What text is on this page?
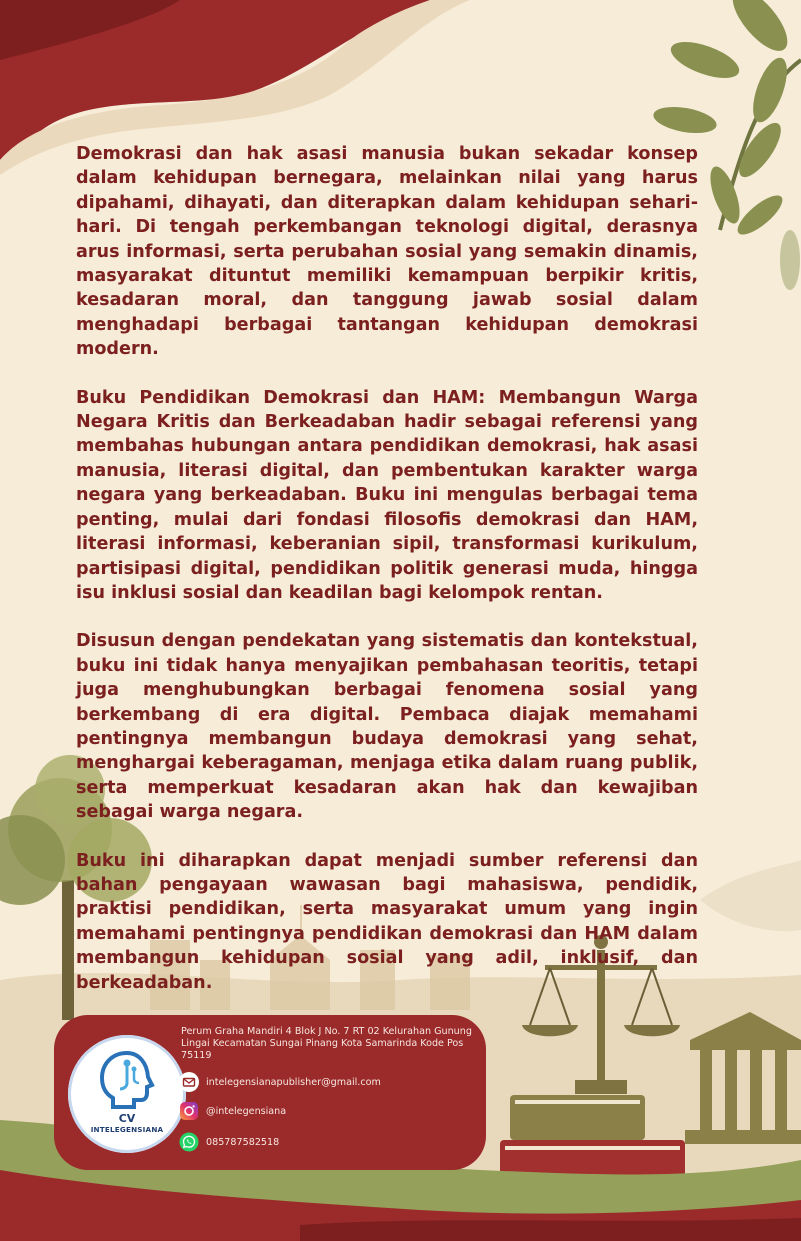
Demokrasi dan hak asasi manusia bukan sekadar konsep dalam kehidupan bernegara, melainkan nilai yang harus dipahami, dihayati, dan diterapkan dalam kehidupan sehari-hari. Di tengah perkembangan teknologi digital, derasnya arus informasi, serta perubahan sosial yang semakin dinamis, masyarakat dituntut memiliki kemampuan berpikir kritis, kesadaran moral, dan tanggung jawab sosial dalam menghadapi berbagai tantangan kehidupan demokrasi modern.

Buku Pendidikan Demokrasi dan HAM: Membangun Warga Negara Kritis dan Berkeadaban hadir sebagai referensi yang membahas hubungan antara pendidikan demokrasi, hak asasi manusia, literasi digital, dan pembentukan karakter warga negara yang berkeadaban. Buku ini mengulas berbagai tema penting, mulai dari fondasi filosofis demokrasi dan HAM, literasi informasi, keberanian sipil, transformasi kurikulum, partisipasi digital, pendidikan politik generasi muda, hingga isu inklusi sosial dan keadilan bagi kelompok rentan.

Disusun dengan pendekatan yang sistematis dan kontekstual, buku ini tidak hanya menyajikan pembahasan teoritis, tetapi juga menghubungkan berbagai fenomena sosial yang berkembang di era digital. Pembaca diajak memahami pentingnya membangun budaya demokrasi yang sehat, menghargai keberagaman, menjaga etika dalam ruang publik, serta memperkuat kesadaran akan hak dan kewajiban sebagai warga negara.

Buku ini diharapkan dapat menjadi sumber referensi dan bahan pengayaan wawasan bagi mahasiswa, pendidik, praktisi pendidikan, serta masyarakat umum yang ingin memahami pentingnya pendidikan demokrasi dan HAM dalam membangun kehidupan sosial yang adil, inklusif, dan berkeadaban.

CV
INTELEGENSIANA
Perum Graha Mandiri 4 Blok J No. 7 RT 02 Kelurahan Gunung Lingai Kecamatan Sungai Pinang Kota Samarinda Kode Pos 75119
intelegensianapublisher@gmail.com
@intelegensiana
085787582518
